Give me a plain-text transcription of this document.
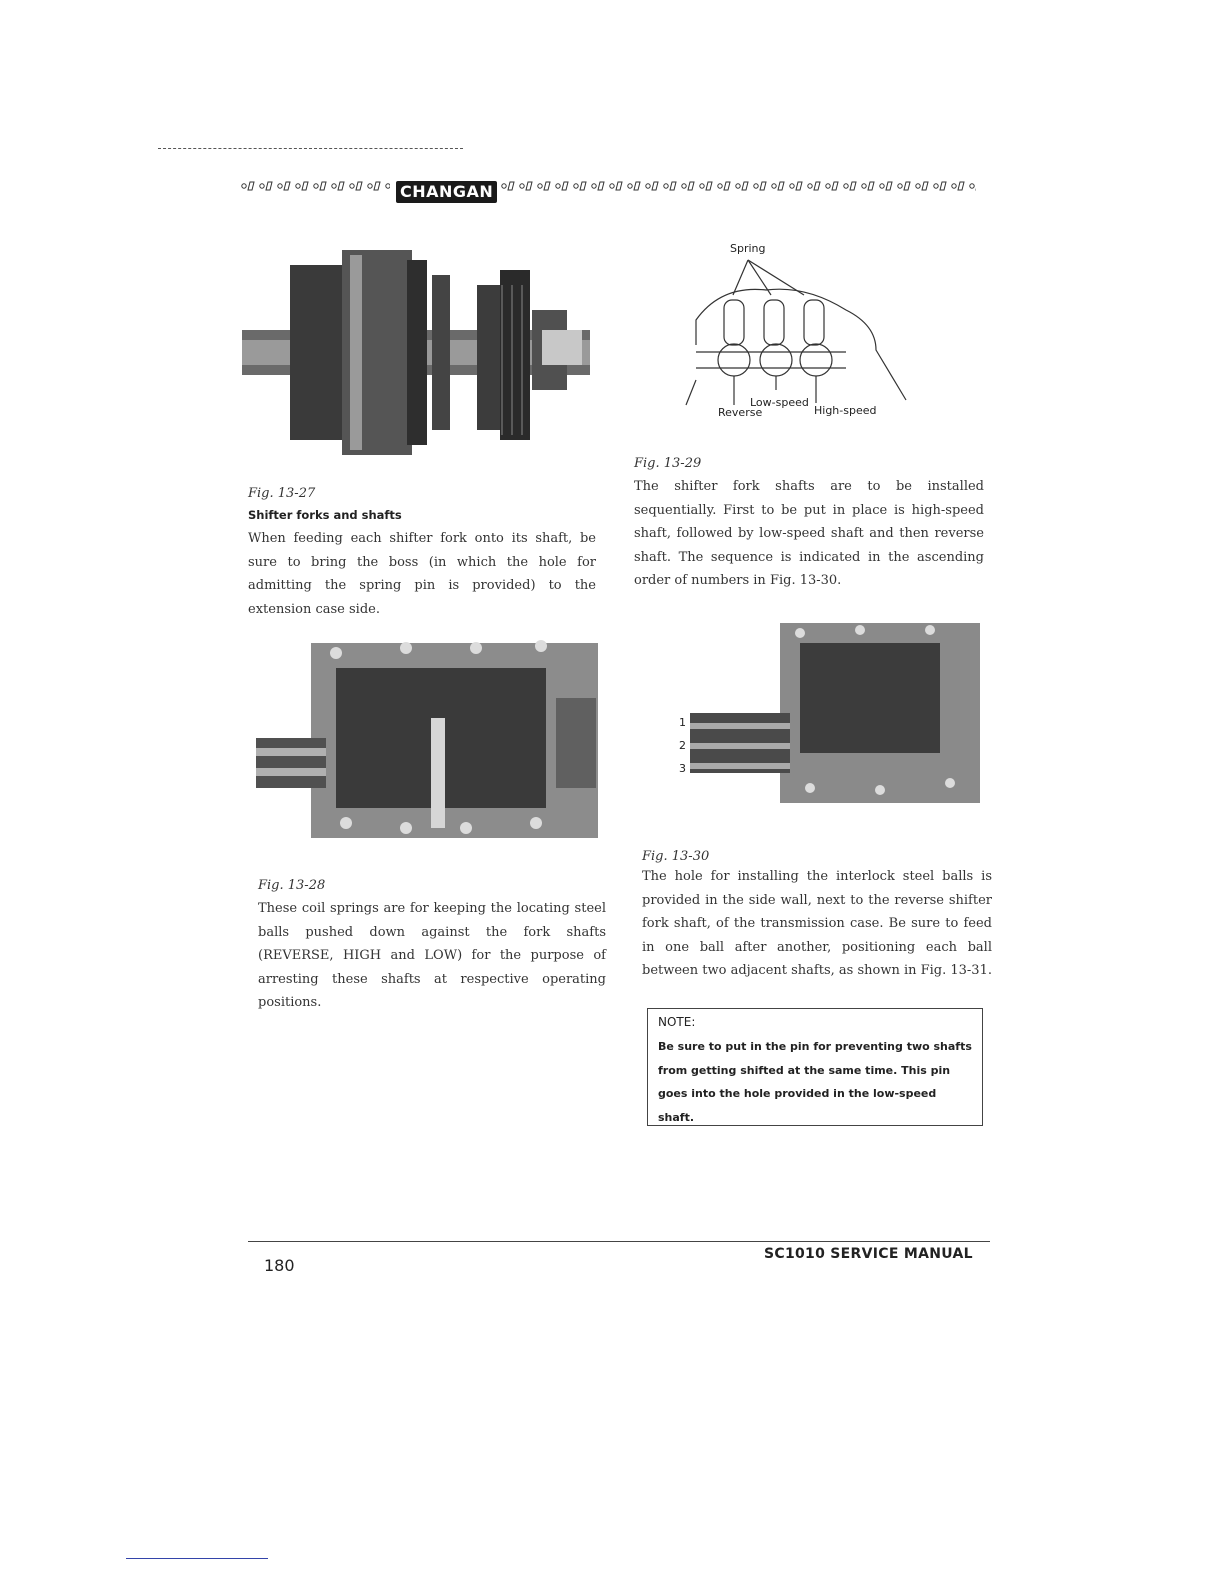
CHANGAN
Fig. 13-27
Shifter forks and shafts
When feeding each shifter fork onto its shaft, be sure to bring the boss (in which the hole for admitting the spring pin is provided) to the extension case side.
Fig. 13-28
These coil springs are for keeping the locating steel balls pushed down against the fork shafts (REVERSE, HIGH and LOW) for the purpose of arresting these shafts at respective operating positions.
Spring
Low-speed
Reverse	High-speed
Fig. 13-29
The shifter fork shafts are to be installed sequentially. First to be put in place is high-speed shaft, followed by low-speed shaft and then reverse shaft. The sequence is indicated in the ascending order of numbers in Fig. 13-30.
1
2
3
Fig. 13-30
The hole for installing the interlock steel balls is provided in the side wall, next to the reverse shifter fork shaft, of the transmission case. Be sure to feed in one ball after another, positioning each ball between two adjacent shafts, as shown in Fig. 13-31.
NOTE:
Be sure to put in the pin for preventing two shafts from getting shifted at the same time. This pin goes into the hole provided in the low-speed shaft.
180
SC1010 SERVICE MANUAL
